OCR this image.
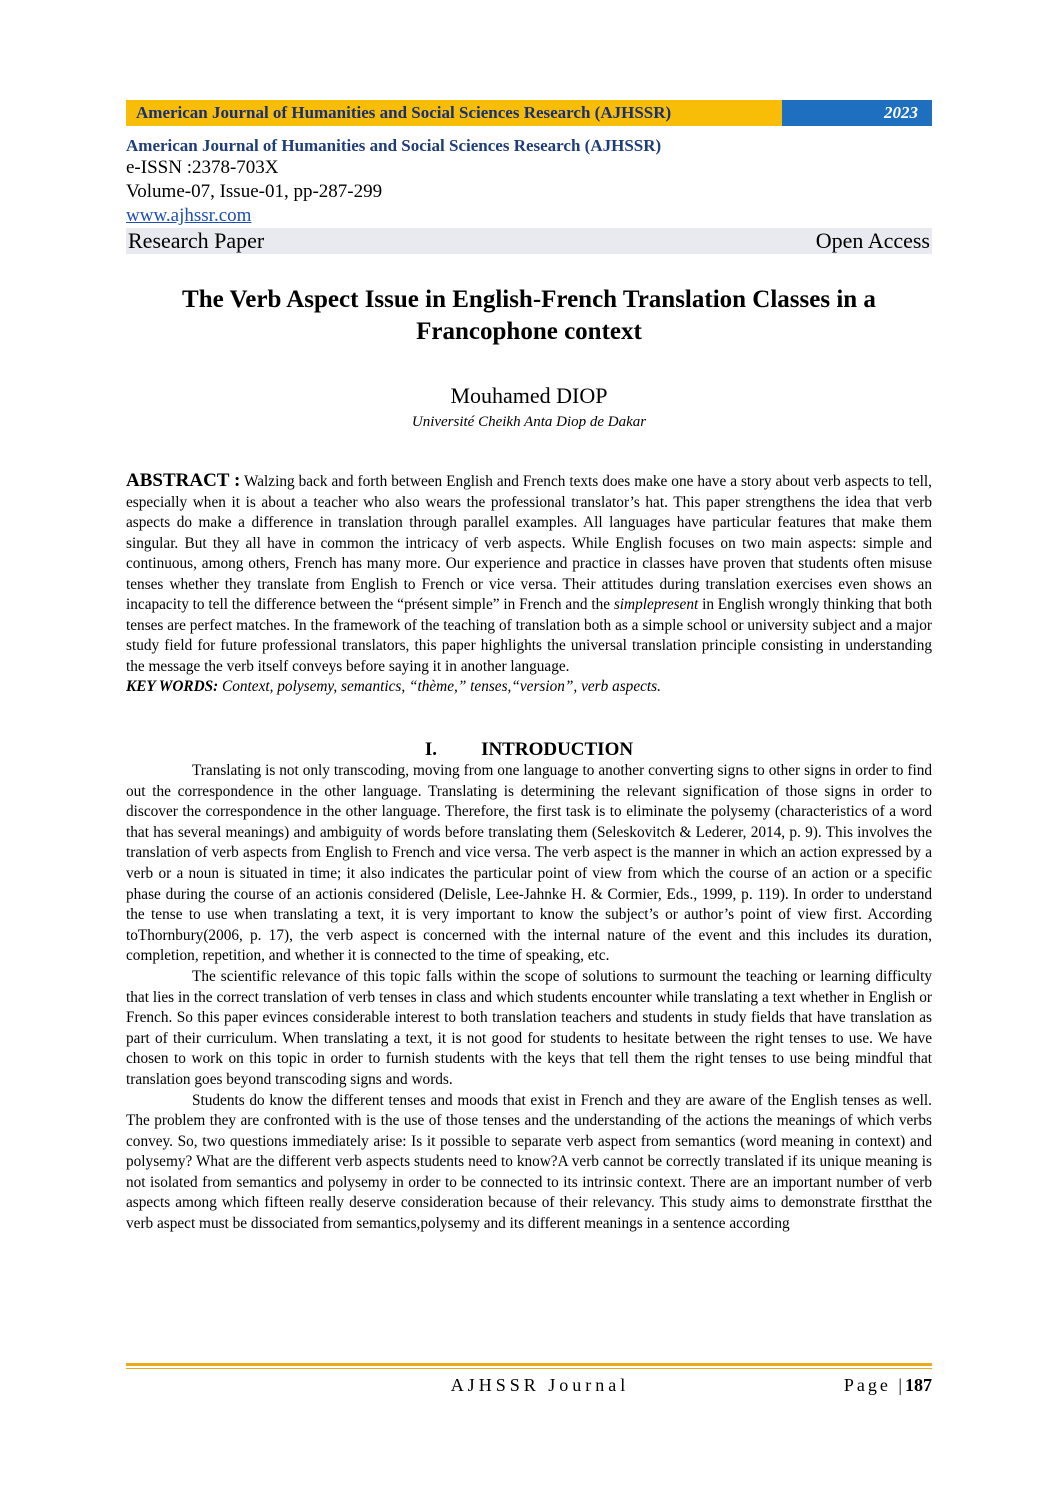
American Journal of Humanities and Social Sciences Research (AJHSSR)	2023
American Journal of Humanities and Social Sciences Research (AJHSSR)
e-ISSN :2378-703X
Volume-07, Issue-01, pp-287-299
www.ajhssr.com
Research Paper	Open Access
The Verb Aspect Issue in English-French Translation Classes in a Francophone context
Mouhamed DIOP
Université Cheikh Anta Diop de Dakar
ABSTRACT : Walzing back and forth between English and French texts does make one have a story about verb aspects to tell, especially when it is about a teacher who also wears the professional translator’s hat. This paper strengthens the idea that verb aspects do make a difference in translation through parallel examples. All languages have particular features that make them singular. But they all have in common the intricacy of verb aspects. While English focuses on two main aspects: simple and continuous, among others, French has many more. Our experience and practice in classes have proven that students often misuse tenses whether they translate from English to French or vice versa. Their attitudes during translation exercises even shows an incapacity to tell the difference between the “présent simple” in French and the simplepresent in English wrongly thinking that both tenses are perfect matches. In the framework of the teaching of translation both as a simple school or university subject and a major study field for future professional translators, this paper highlights the universal translation principle consisting in understanding the message the verb itself conveys before saying it in another language.
KEY WORDS: Context, polysemy, semantics, “thème,” tenses,“version”, verb aspects.
I. INTRODUCTION

Translating is not only transcoding, moving from one language to another converting signs to other signs in order to find out the correspondence in the other language. Translating is determining the relevant signification of those signs in order to discover the correspondence in the other language. Therefore, the first task is to eliminate the polysemy (characteristics of a word that has several meanings) and ambiguity of words before translating them (Seleskovitch & Lederer, 2014, p. 9). This involves the translation of verb aspects from English to French and vice versa. The verb aspect is the manner in which an action expressed by a verb or a noun is situated in time; it also indicates the particular point of view from which the course of an action or a specific phase during the course of an actionis considered (Delisle, Lee-Jahnke H. & Cormier, Eds., 1999, p. 119). In order to understand the tense to use when translating a text, it is very important to know the subject’s or author’s point of view first. According toThornbury(2006, p. 17), the verb aspect is concerned with the internal nature of the event and this includes its duration, completion, repetition, and whether it is connected to the time of speaking, etc.

The scientific relevance of this topic falls within the scope of solutions to surmount the teaching or learning difficulty that lies in the correct translation of verb tenses in class and which students encounter while translating a text whether in English or French. So this paper evinces considerable interest to both translation teachers and students in study fields that have translation as part of their curriculum. When translating a text, it is not good for students to hesitate between the right tenses to use. We have chosen to work on this topic in order to furnish students with the keys that tell them the right tenses to use being mindful that translation goes beyond transcoding signs and words.

Students do know the different tenses and moods that exist in French and they are aware of the English tenses as well. The problem they are confronted with is the use of those tenses and the understanding of the actions the meanings of which verbs convey. So, two questions immediately arise: Is it possible to separate verb aspect from semantics (word meaning in context) and polysemy? What are the different verb aspects students need to know?A verb cannot be correctly translated if its unique meaning is not isolated from semantics and polysemy in order to be connected to its intrinsic context. There are an important number of verb aspects among which fifteen really deserve consideration because of their relevancy. This study aims to demonstrate firstthat the verb aspect must be dissociated from semantics,polysemy and its different meanings in a sentence according

AJHSSR Journal	Page |187
